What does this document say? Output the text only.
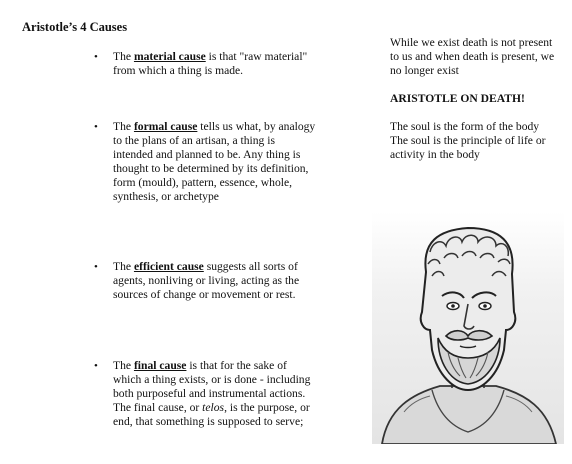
Aristotle’s 4 Causes
• The material cause is that "raw material" from which a thing is made.
• The formal cause tells us what, by analogy to the plans of an artisan, a thing is intended and planned to be. Any thing is thought to be determined by its definition, form (mould), pattern, essence, whole, synthesis, or archetype
• The efficient cause suggests all sorts of agents, nonliving or living, acting as the sources of change or movement or rest.
• The final cause is that for the sake of which a thing exists, or is done - including both purposeful and instrumental actions. The final cause, or telos, is the purpose, or end, that something is supposed to serve;
While we exist death is not present to us and when death is present, we no longer exist
ARISTOTLE ON DEATH!
The soul is the form of the body
The soul is the principle of life or activity in the body
